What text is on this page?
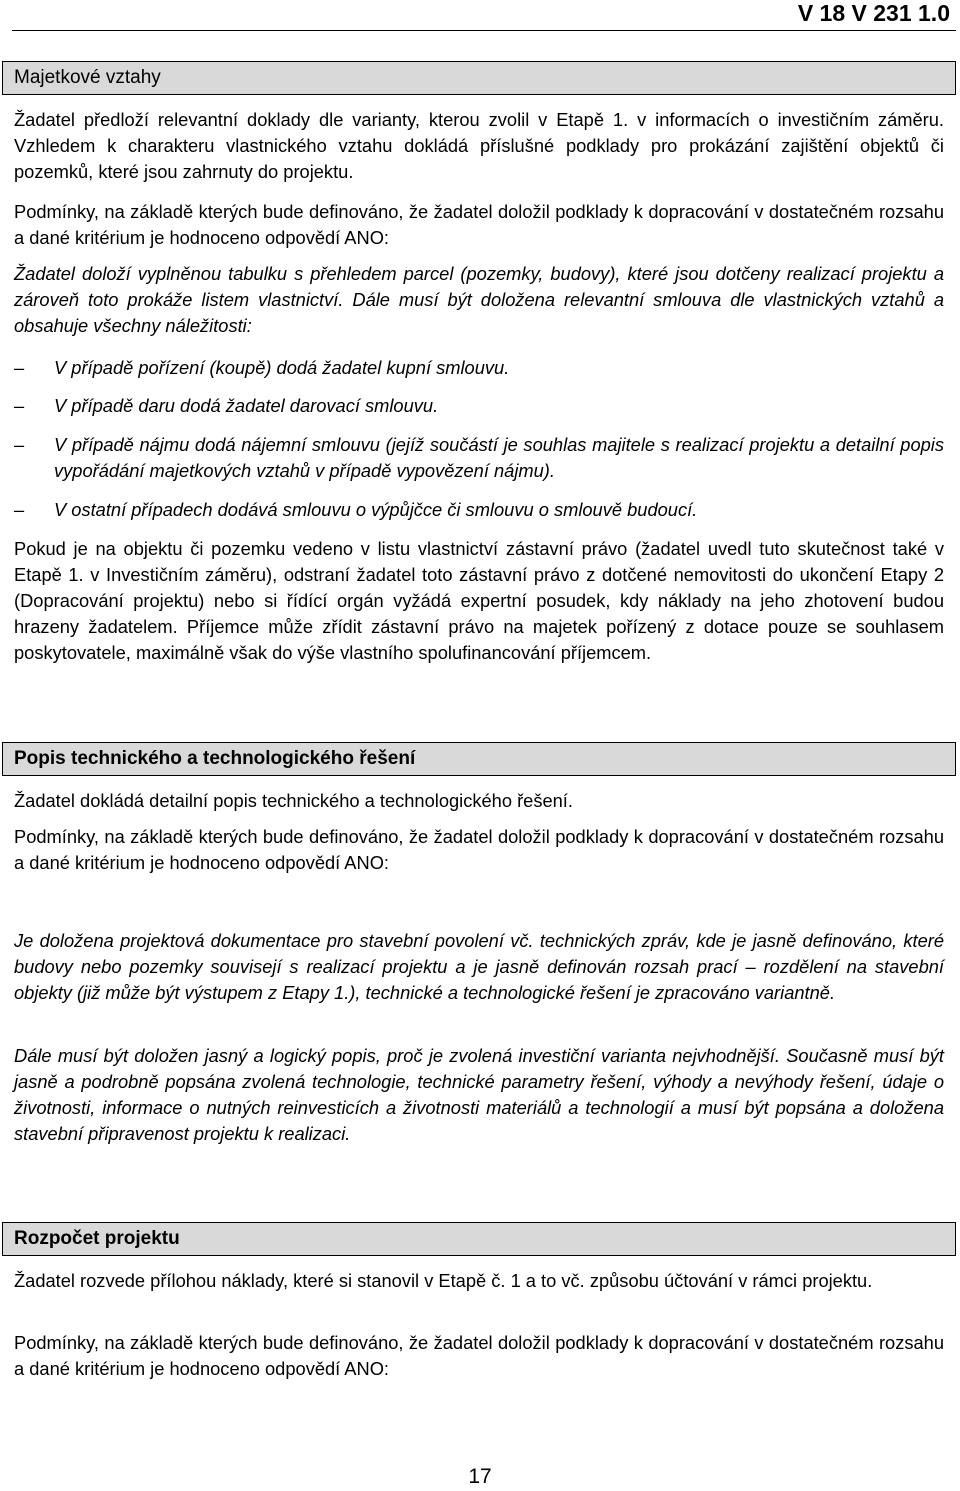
V 18 V 231 1.0
Majetkové vztahy

Žadatel předloží relevantní doklady dle varianty, kterou zvolil v Etapě 1. v informacích o investičním záměru. Vzhledem k charakteru vlastnického vztahu dokládá příslušné podklady pro prokázání zajištění objektů či pozemků, které jsou zahrnuty do projektu.

Podmínky, na základě kterých bude definováno, že žadatel doložil podklady k dopracování v dostatečném rozsahu a dané kritérium je hodnoceno odpovědí ANO:

Žadatel doloží vyplněnou tabulku s přehledem parcel (pozemky, budovy), které jsou dotčeny realizací projektu a zároveň toto prokáže listem vlastnictví. Dále musí být doložena relevantní smlouva dle vlastnických vztahů a obsahuje všechny náležitosti:

–	V případě pořízení (koupě) dodá žadatel kupní smlouvu.
–	V případě daru dodá žadatel darovací smlouvu.
–	V případě nájmu dodá nájemní smlouvu (jejíž součástí je souhlas majitele s realizací projektu a detailní popis vypořádání majetkových vztahů v případě vypovězení nájmu).
–	V ostatní případech dodává smlouvu o výpůjčce či smlouvu o smlouvě budoucí.

Pokud je na objektu či pozemku vedeno v listu vlastnictví zástavní právo (žadatel uvedl tuto skutečnost také v Etapě 1. v Investičním záměru), odstraní žadatel toto zástavní právo z dotčené nemovitosti do ukončení Etapy 2 (Dopracování projektu) nebo si řídící orgán vyžádá expertní posudek, kdy náklady na jeho zhotovení budou hrazeny žadatelem. Příjemce může zřídit zástavní právo na majetek pořízený z dotace pouze se souhlasem poskytovatele, maximálně však do výše vlastního spolufinancování příjemcem.

Popis technického a technologického řešení

Žadatel dokládá detailní popis technického a technologického řešení.

Podmínky, na základě kterých bude definováno, že žadatel doložil podklady k dopracování v dostatečném rozsahu a dané kritérium je hodnoceno odpovědí ANO:

Je doložena projektová dokumentace pro stavební povolení vč. technických zpráv, kde je jasně definováno, které budovy nebo pozemky souvisejí s realizací projektu a je jasně definován rozsah prací – rozdělení na stavební objekty (již může být výstupem z Etapy 1.), technické a technologické řešení je zpracováno variantně.

Dále musí být doložen jasný a logický popis, proč je zvolená investiční varianta nejvhodnější. Současně musí být jasně a podrobně popsána zvolená technologie, technické parametry řešení, výhody a nevýhody řešení, údaje o životnosti, informace o nutných reinvesticích a životnosti materiálů a technologií a musí být popsána a doložena stavební připravenost projektu k realizaci.

Rozpočet projektu

Žadatel rozvede přílohou náklady, které si stanovil v Etapě č. 1 a to vč. způsobu účtování v rámci projektu.

Podmínky, na základě kterých bude definováno, že žadatel doložil podklady k dopracování v dostatečném rozsahu a dané kritérium je hodnoceno odpovědí ANO:

17
